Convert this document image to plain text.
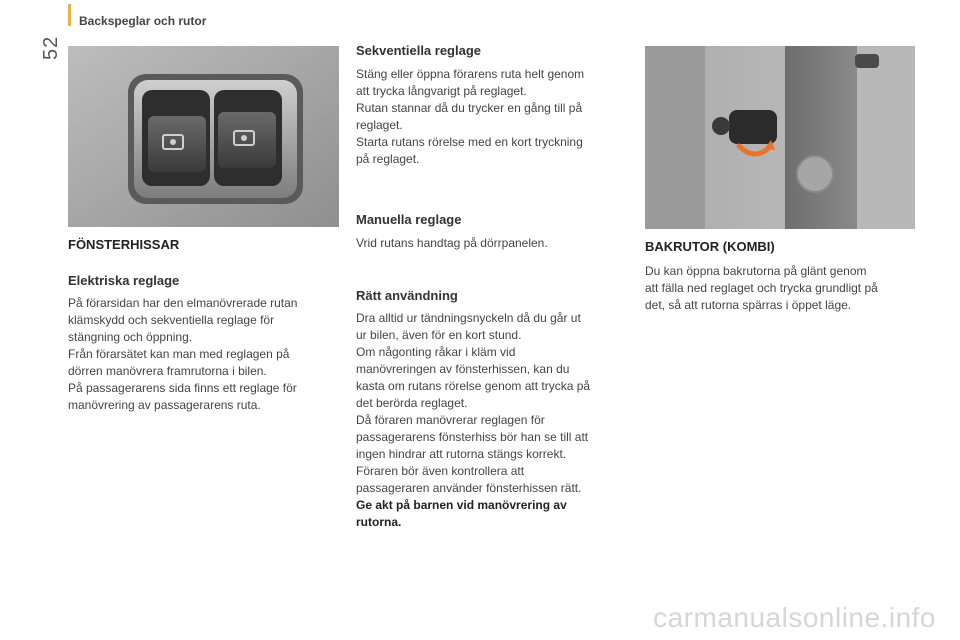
52
Backspeglar och rutor

FÖNSTERHISSAR

Elektriska reglage

På förarsidan har den elmanövrerade rutan
klämskydd och sekventiella reglage för
stängning och öppning.
Från förarsätet kan man med reglagen på
dörren manövrera framrutorna i bilen.
På passagerarens sida finns ett reglage för
manövrering av passagerarens ruta.

Sekventiella reglage

Stäng eller öppna förarens ruta helt genom
att trycka långvarigt på reglaget.
Rutan stannar då du trycker en gång till på
reglaget.
Starta rutans rörelse med en kort tryckning
på reglaget.

Manuella reglage

Vrid rutans handtag på dörrpanelen.

Rätt användning

Dra alltid ur tändningsnyckeln då du går ut
ur bilen, även för en kort stund.
Om någonting råkar i kläm vid
manövreringen av fönsterhissen, kan du
kasta om rutans rörelse genom att trycka på
det berörda reglaget.
Då föraren manövrerar reglagen för
passagerarens fönsterhiss bör han se till att
ingen hindrar att rutorna stängs korrekt.
Föraren bör även kontrollera att
passageraren använder fönsterhissen rätt.
Ge akt på barnen vid manövrering av
rutorna.

BAKRUTOR (KOMBI)

Du kan öppna bakrutorna på glänt genom
att fälla ned reglaget och trycka grundligt på
det, så att rutorna spärras i öppet läge.

carmanualsonline.info
